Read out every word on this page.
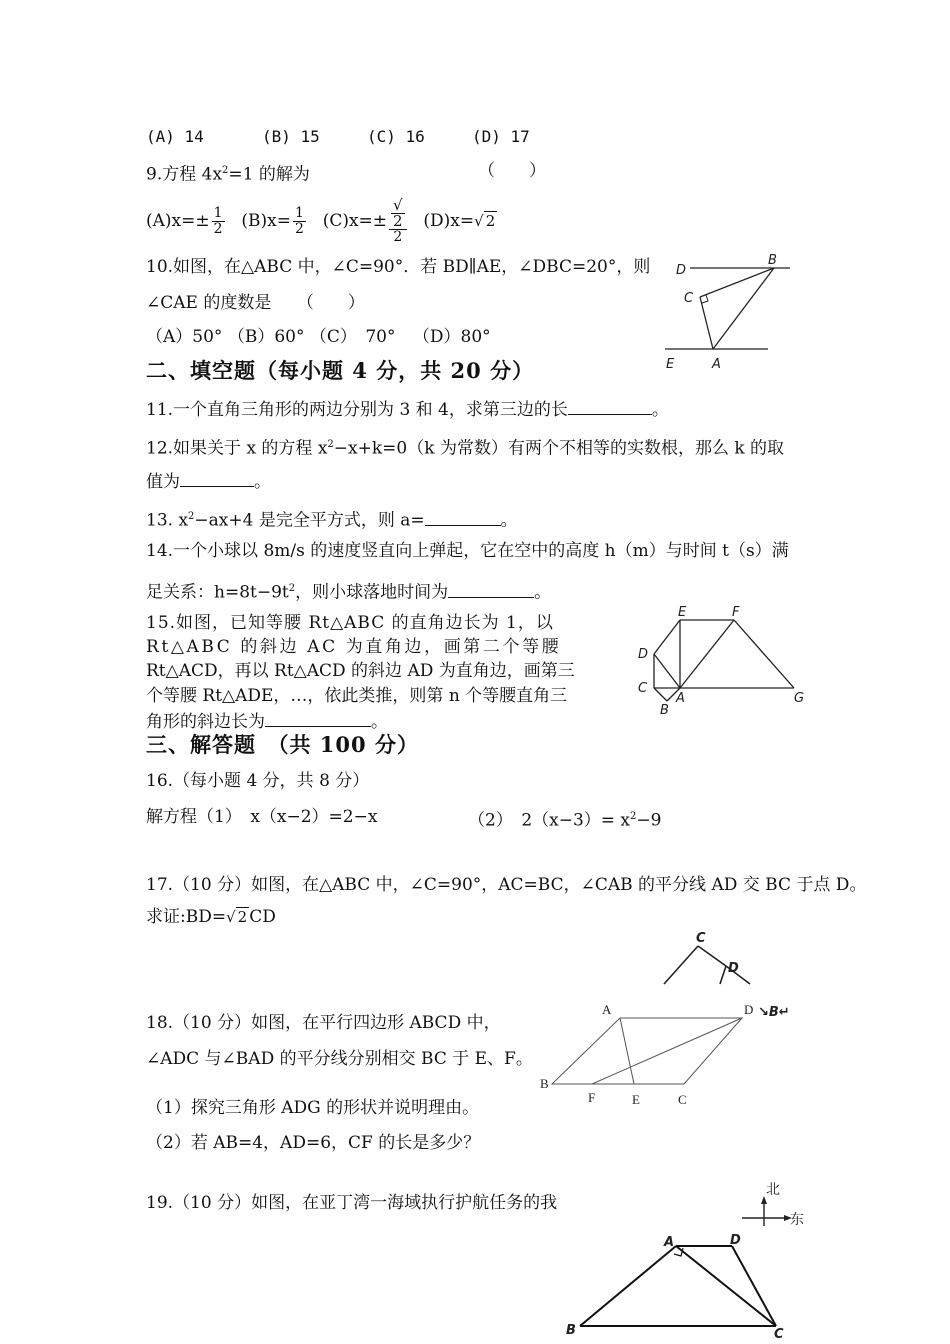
(A) 14	(B) 15	(C) 16	(D) 17
9.方程 $4x^2=1$ 的解为	（　　）
$(A)x=\pm \frac{1}{2} (B)x= \frac{1}{2} (C)x=\pm$ √
2
2 (D)x=√ 2
10.如图，在△ABC 中，∠C=90°．若 BD∥AE，∠DBC=20°，则
∠CAE 的度数是　　（　　）
（A）50° （B）60° （C）　70° （D）80°
D
B
C
E	A
二、填空题（每小题 4 分，共 20 分）
11.一个直角三角形的两边分别为 3 和 4，求第三边的长	。
12.如果关于 x 的方程 $x^2-x+k=0(k$ 为常数）有两个不相等的实数根，那么 k 的取
值为	。
13. $x^2-ax+4$ 是完全平方式，则 a=	。
14.一个小球以 8m/s 的速度竖直向上弹起，它在空中的高度 h（m）与时间 t（s）满
足关系：$h=8t-9t^2$，则小球落地时间为	。
15.如图，已知等腰 Rt△ABC 的直角边长为 1，以
Rt△ABC 的斜边 AC 为直角边，画第二个等腰
Rt△ACD，再以 Rt△ACD 的斜边 AD 为直角边，画第三
个等腰 Rt△ADE，…，依此类推，则第 n 个等腰直角三
角形的斜边长为	。
E	F
D
C
A
B
G
三、解答题　（共 100 分）
16.（每小题 4 分，共 8 分）
解方程（1）　x（x−2）=2−x	（2）　$2(x-3)= x^2-9$
17.（10 分）如图，在△ABC 中，∠C=90°，AC=BC，∠CAB 的平分线 AD 交 BC 于点 D。
求证:BD=√ 2 CD
C
D
18.（10 分）如图，在平行四边形 ABCD 中，
∠ADC 与∠BAD 的平分线分别相交 BC 于 E、F。
（1）探究三角形 ADG 的形状并说明理由。
（2）若 AB=4，AD=6，CF 的长是多少？
A	D ↘B↵
B
F	E	C
19.（10 分）如图，在亚丁湾一海域执行护航任务的我
北
东
A	D
B	C
